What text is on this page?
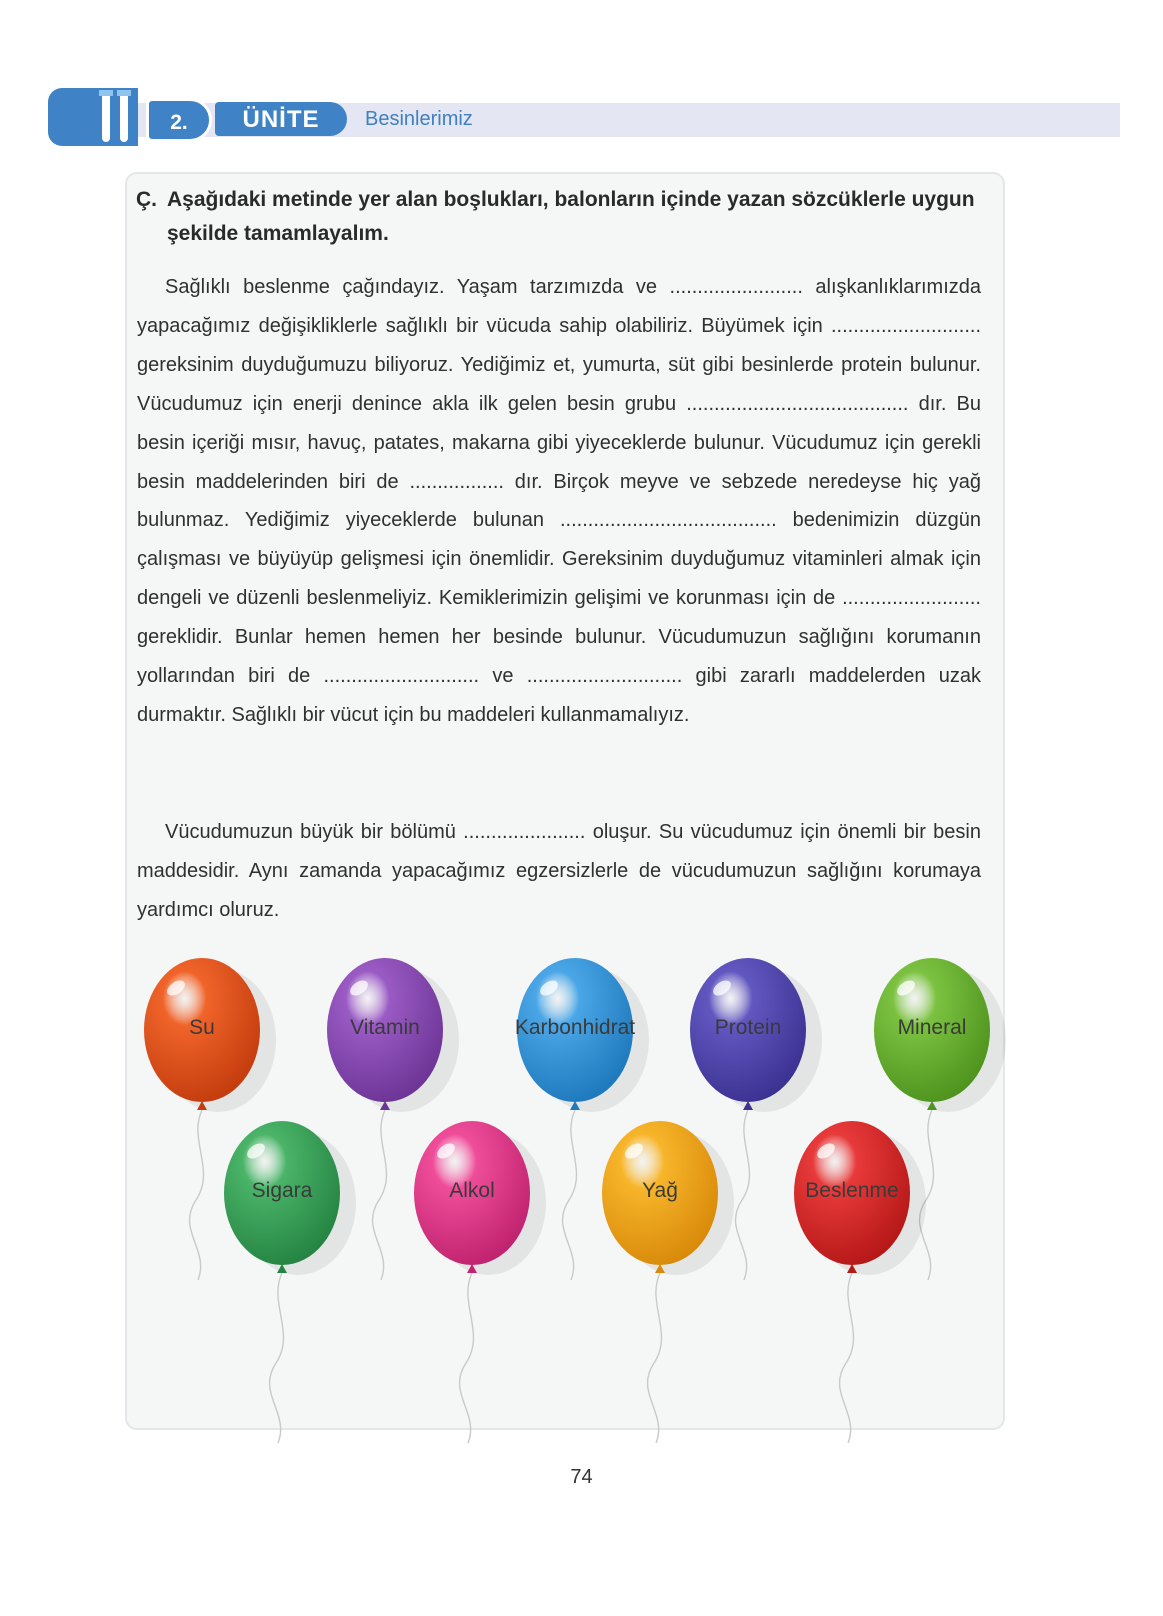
2.	ÜNİTE	Besinlerimiz
Ç. Aşağıdaki metinde yer alan boşlukları, balonların içinde yazan sözcüklerle uygun şekilde tamamlayalım.

Sağlıklı beslenme çağındayız. Yaşam tarzımızda ve ........................ alışkanlıklarımızda yapacağımız değişikliklerle sağlıklı bir vücuda sahip olabiliriz. Büyümek için ........................... gereksinim duyduğumuzu biliyoruz. Yediğimiz et, yumurta, süt gibi besinlerde protein bulunur. Vücudumuz için enerji denince akla ilk gelen besin grubu ........................................ dır. Bu besin içeriği mısır, havuç, patates, makarna gibi yiyeceklerde bulunur. Vücudumuz için gerekli besin maddelerinden biri de ................. dır. Birçok meyve ve sebzede neredeyse hiç yağ bulunmaz. Yediğimiz yiyeceklerde bulunan ....................................... bedenimizin düzgün çalışması ve büyüyüp gelişmesi için önemlidir. Gereksinim duyduğumuz vitaminleri almak için dengeli ve düzenli beslenmeliyiz. Kemiklerimizin gelişimi ve korunması için de ......................... gereklidir. Bunlar hemen hemen her besinde bulunur. Vücudumuzun sağlığını korumanın yollarından biri de ............................ ve ............................ gibi zararlı maddelerden uzak durmaktır. Sağlıklı bir vücut için bu maddeleri kullanmamalıyız.

Vücudumuzun büyük bir bölümü ...................... oluşur. Su vücudumuz için önemli bir besin maddesidir. Aynı zamanda yapacağımız egzersizlerle de vücudumuzun sağlığını korumaya yardımcı oluruz.

Su	Vitamin	Karbonhidrat	Protein	Mineral
Sigara	Alkol	Yağ	Beslenme
74
